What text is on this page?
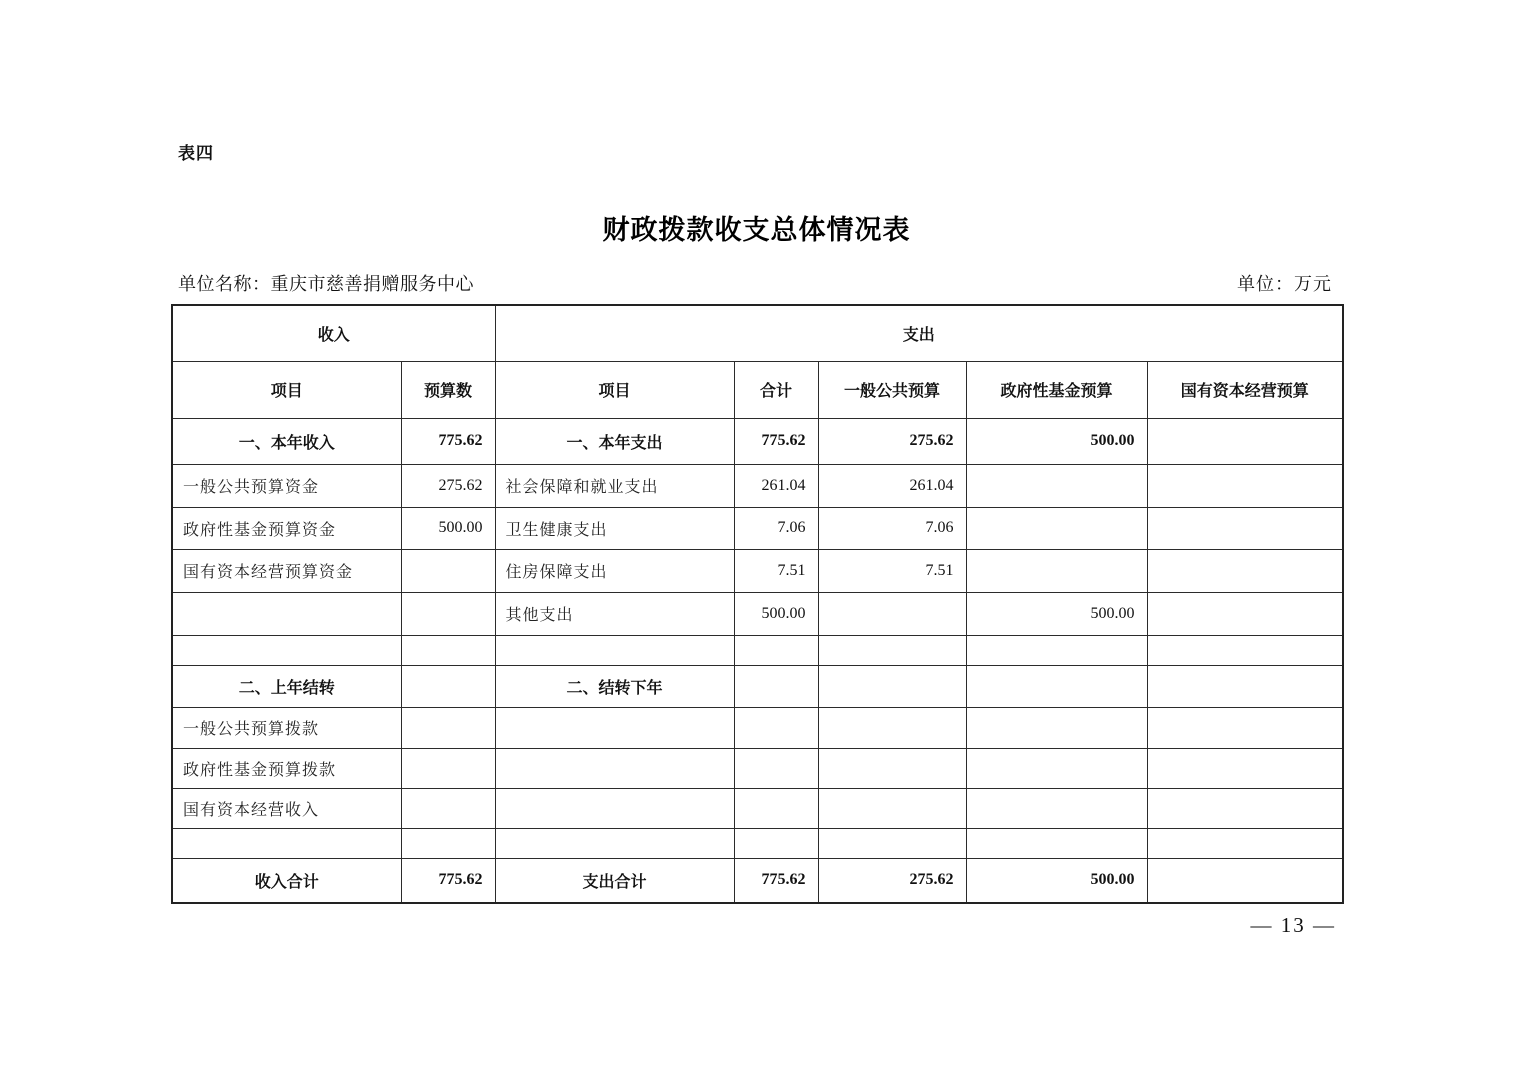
表四
财政拨款收支总体情况表
单位名称：重庆市慈善捐赠服务中心	单位：万元
收入		支出				
项目	预算数	项目	合计	一般公共预算	政府性基金预算	国有资本经营预算
一、本年收入	775.62	一、本年支出	775.62	275.62	500.00	
一般公共预算资金	275.62	社会保障和就业支出	261.04	261.04		
政府性基金预算资金	500.00	卫生健康支出	7.06	7.06		
国有资本经营预算资金		住房保障支出	7.51	7.51		
		其他支出	500.00		500.00	

二、上年结转		二、结转下年				
一般公共预算拨款						
政府性基金预算拨款						
国有资本经营收入						

收入合计	775.62	支出合计	775.62	275.62	500.00	
— 13 —
